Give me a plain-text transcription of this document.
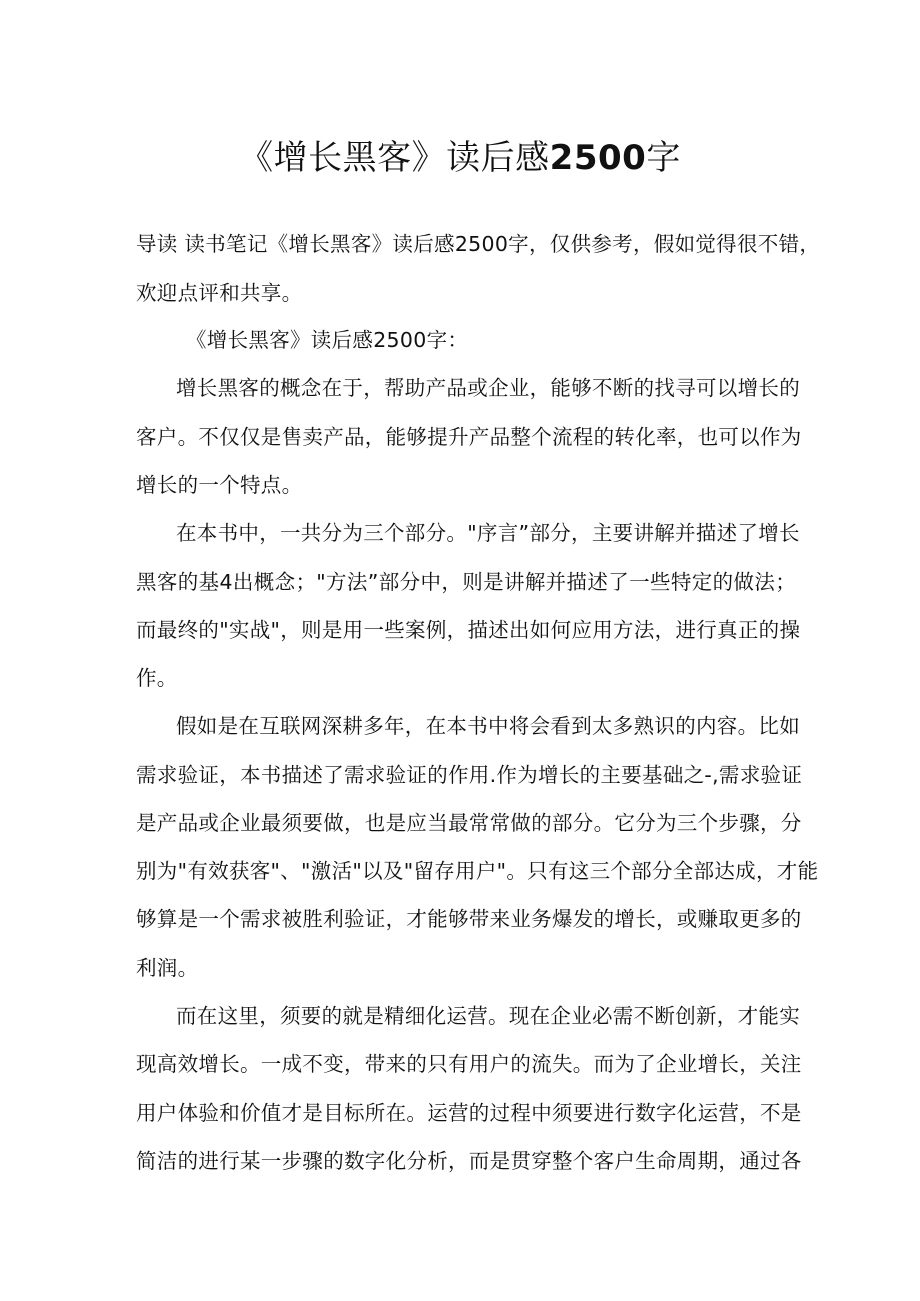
《增长黑客》读后感2500字
导读 读书笔记《增长黑客》读后感2500字，仅供参考，假如觉得很不错，
欢迎点评和共享。
《增长黑客》读后感2500字：
增长黑客的概念在于，帮助产品或企业，能够不断的找寻可以增长的
客户。不仅仅是售卖产品，能够提升产品整个流程的转化率，也可以作为
增长的一个特点。
在本书中，一共分为三个部分。"序言”部分，主要讲解并描述了增长
黑客的基4出概念；"方法”部分中，则是讲解并描述了一些特定的做法；
而最终的"实战"，则是用一些案例，描述出如何应用方法，进行真正的操
作。
假如是在互联网深耕多年，在本书中将会看到太多熟识的内容。比如
需求验证，本书描述了需求验证的作用.作为增长的主要基础之-,需求验证
是产品或企业最须要做，也是应当最常常做的部分。它分为三个步骤，分
别为"有效获客"、"激活"以及"留存用户"。只有这三个部分全部达成，才能
够算是一个需求被胜利验证，才能够带来业务爆发的增长，或赚取更多的
利润。
而在这里，须要的就是精细化运营。现在企业必需不断创新，才能实
现高效增长。一成不变，带来的只有用户的流失。而为了企业增长，关注
用户体验和价值才是目标所在。运营的过程中须要进行数字化运营，不是
简洁的进行某一步骤的数字化分析，而是贯穿整个客户生命周期，通过各
